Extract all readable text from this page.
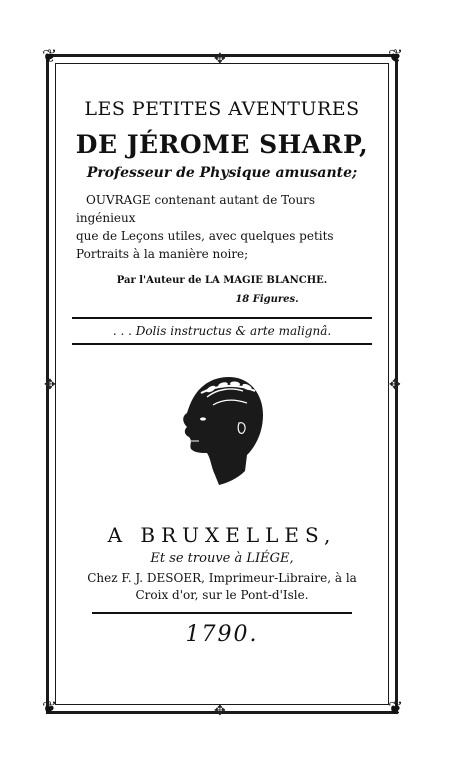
❦	❦
❦	❦
✥
✥
✥	✥
LES PETITES AVENTURES
DE JÉROME SHARP,
Professeur de Physique amusante;
OUVRAGE contenant autant de Tours ingénieux
que de Leçons utiles, avec quelques petits
Portraits à la manière noire;
Par l'Auteur de LA MAGIE BLANCHE.
18 Figures.
. . . Dolis instructus & arte malignâ.
A BRUXELLES,
Et se trouve à LIÉGE,
Chez F. J. DESOER, Imprimeur-Libraire, à la
Croix d'or, sur le Pont-d'Isle.
1790.
